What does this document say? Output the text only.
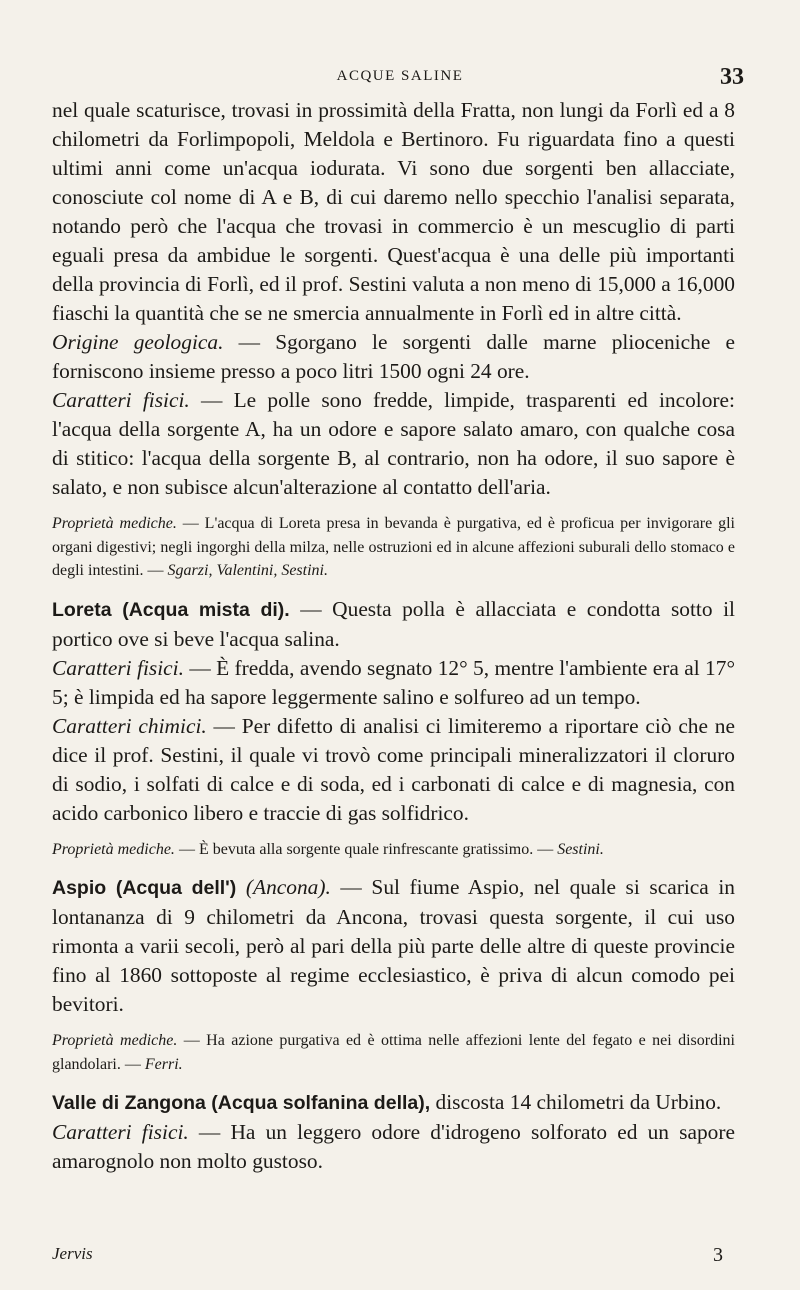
ACQUE SALINE	33

nel quale scaturisce, trovasi in prossimità della Fratta, non lungi da Forlì ed a 8 chilometri da Forlimpopoli, Meldola e Bertinoro. Fu riguardata fino a questi ultimi anni come un'acqua iodurata. Vi sono due sorgenti ben allacciate, conosciute col nome di A e B, di cui daremo nello specchio l'analisi separata, notando però che l'acqua che trovasi in commercio è un mescuglio di parti eguali presa da ambidue le sorgenti. Quest'acqua è una delle più importanti della provincia di Forlì, ed il prof. Sestini valuta a non meno di 15,000 a 16,000 fiaschi la quantità che se ne smercia annualmente in Forlì ed in altre città.

Origine geologica. — Sgorgano le sorgenti dalle marne plioceniche e forniscono insieme presso a poco litri 1500 ogni 24 ore.

Caratteri fisici. — Le polle sono fredde, limpide, trasparenti ed incolore: l'acqua della sorgente A, ha un odore e sapore salato amaro, con qualche cosa di stitico: l'acqua della sorgente B, al contrario, non ha odore, il suo sapore è salato, e non subisce alcun'alterazione al contatto dell'aria.

Proprietà mediche. — L'acqua di Loreta presa in bevanda è purgativa, ed è proficua per invigorare gli organi digestivi; negli ingorghi della milza, nelle ostruzioni ed in alcune affezioni suburali dello stomaco e degli intestini. — Sgarzi, Valentini, Sestini.

Loreta (Acqua mista di). — Questa polla è allacciata e condotta sotto il portico ove si beve l'acqua salina.

Caratteri fisici. — È fredda, avendo segnato 12° 5, mentre l'ambiente era al 17° 5; è limpida ed ha sapore leggermente salino e solfureo ad un tempo.

Caratteri chimici. — Per difetto di analisi ci limiteremo a riportare ciò che ne dice il prof. Sestini, il quale vi trovò come principali mineralizzatori il cloruro di sodio, i solfati di calce e di soda, ed i carbonati di calce e di magnesia, con acido carbonico libero e traccie di gas solfidrico.

Proprietà mediche. — È bevuta alla sorgente quale rinfrescante gratissimo. — Sestini.

Aspio (Acqua dell') (Ancona). — Sul fiume Aspio, nel quale si scarica in lontananza di 9 chilometri da Ancona, trovasi questa sorgente, il cui uso rimonta a varii secoli, però al pari della più parte delle altre di queste provincie fino al 1860 sottoposte al regime ecclesiastico, è priva di alcun comodo pei bevitori.

Proprietà mediche. — Ha azione purgativa ed è ottima nelle affezioni lente del fegato e nei disordini glandolari. — Ferri.

Valle di Zangona (Acqua solfanina della), discosta 14 chilometri da Urbino.

Caratteri fisici. — Ha un leggero odore d'idrogeno solforato ed un sapore amarognolo non molto gustoso.

Jervis	3
